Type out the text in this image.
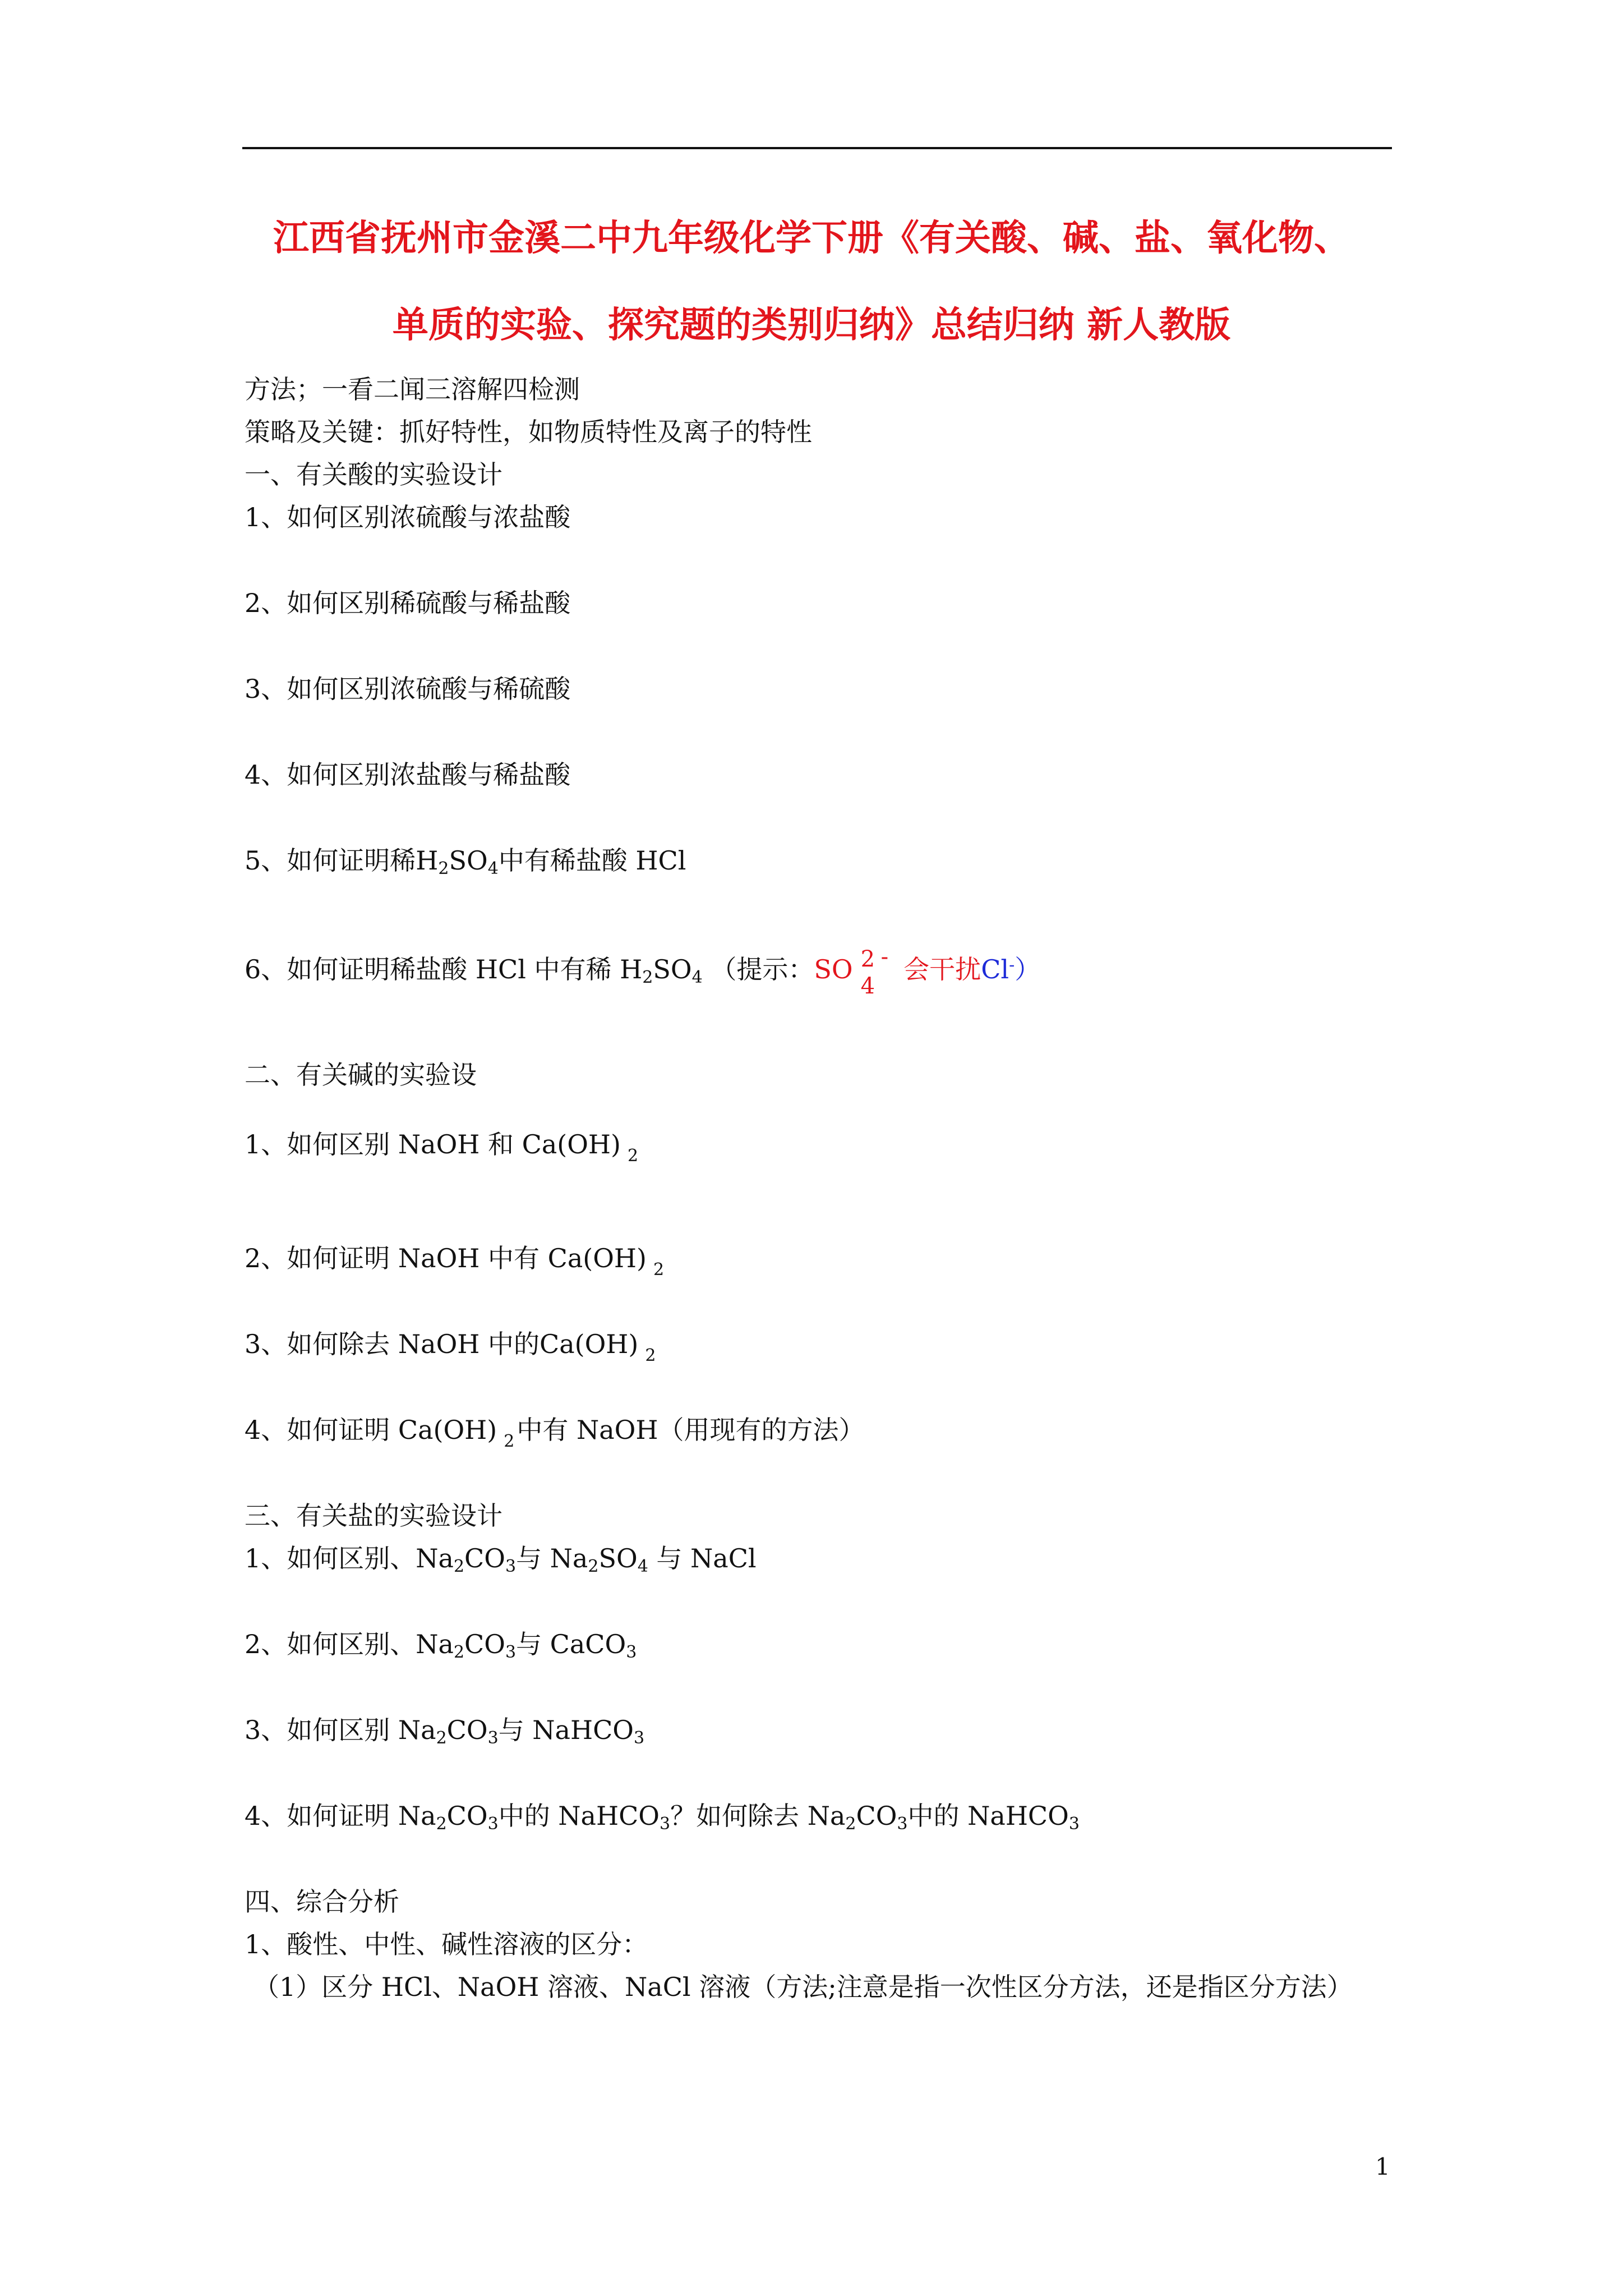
江西省抚州市金溪二中九年级化学下册《有关酸、碱、盐、氧化物、
单质的实验、探究题的类别归纳》总结归纳 新人教版
方法；一看二闻三溶解四检测
策略及关键：抓好特性，如物质特性及离子的特性
一、有关酸的实验设计
1、如何区别浓硫酸与浓盐酸
2、如何区别稀硫酸与稀盐酸
3、如何区别浓硫酸与稀硫酸
4、如何区别浓盐酸与稀盐酸
5、如何证明稀$H_2SO_4$中有稀盐酸 HCl
6、如何证明稀盐酸 HCl 中有稀 $H_2SO_4$ （提示：SO 2 -
4
会干扰Cl-）
二、有关碱的实验设
1、如何区别 NaOH 和 Ca(OH) $_2$
2、如何证明 NaOH 中有 Ca(OH) $_2$
3、如何除去 NaOH 中的Ca(OH) $_2$
4、如何证明 Ca(OH) $_2$中有 NaOH（用现有的方法）
三、有关盐的实验设计
1、如何区别、$Na_2CO_3$与 $Na_2SO_4$ 与 NaCl
2、如何区别、$Na_2CO_3$与 CaCO$_3$
3、如何区别 $Na_2CO_3$与 NaHCO$_3$
4、如何证明 $Na_2CO_3$中的 NaHCO$_3$？如何除去 $Na_2CO_3$中的 NaHCO$_3$
四、综合分析
1、酸性、中性、碱性溶液的区分：
（1）区分 HCl、NaOH 溶液、NaCl 溶液（方法;注意是指一次性区分方法，还是指区分方法）
1
